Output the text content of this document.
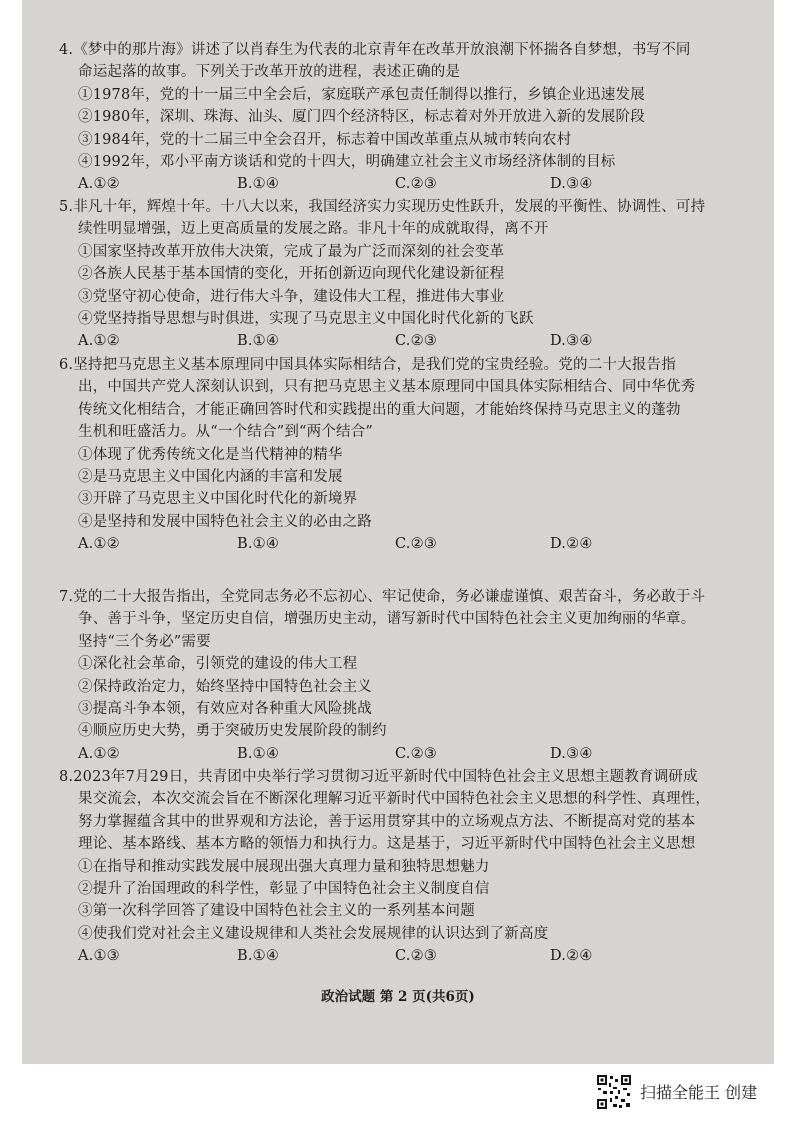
4.《梦中的那片海》讲述了以肖春生为代表的北京青年在改革开放浪潮下怀揣各自梦想，书写不同
命运起落的故事。下列关于改革开放的进程，表述正确的是
①1978年，党的十一届三中全会后，家庭联产承包责任制得以推行，乡镇企业迅速发展
②1980年，深圳、珠海、汕头、厦门四个经济特区，标志着对外开放进入新的发展阶段
③1984年，党的十二届三中全会召开，标志着中国改革重点从城市转向农村
④1992年，邓小平南方谈话和党的十四大，明确建立社会主义市场经济体制的目标
A.①②	B.①④	C.②③	D.③④
5.非凡十年，辉煌十年。十八大以来，我国经济实力实现历史性跃升，发展的平衡性、协调性、可持
续性明显增强，迈上更高质量的发展之路。非凡十年的成就取得，离不开
①国家坚持改革开放伟大决策，完成了最为广泛而深刻的社会变革
②各族人民基于基本国情的变化，开拓创新迈向现代化建设新征程
③党坚守初心使命，进行伟大斗争，建设伟大工程，推进伟大事业
④党坚持指导思想与时俱进，实现了马克思主义中国化时代化新的飞跃
A.①②	B.①④	C.②③	D.③④
6.坚持把马克思主义基本原理同中国具体实际相结合，是我们党的宝贵经验。党的二十大报告指
出，中国共产党人深刻认识到，只有把马克思主义基本原理同中国具体实际相结合、同中华优秀
传统文化相结合，才能正确回答时代和实践提出的重大问题，才能始终保持马克思主义的蓬勃
生机和旺盛活力。从“一个结合”到“两个结合”
①体现了优秀传统文化是当代精神的精华
②是马克思主义中国化内涵的丰富和发展
③开辟了马克思主义中国化时代化的新境界
④是坚持和发展中国特色社会主义的必由之路
A.①②	B.①④	C.②③	D.②④
7.党的二十大报告指出，全党同志务必不忘初心、牢记使命，务必谦虚谨慎、艰苦奋斗，务必敢于斗
争、善于斗争，坚定历史自信，增强历史主动，谱写新时代中国特色社会主义更加绚丽的华章。
坚持“三个务必”需要
①深化社会革命，引领党的建设的伟大工程
②保持政治定力，始终坚持中国特色社会主义
③提高斗争本领，有效应对各种重大风险挑战
④顺应历史大势，勇于突破历史发展阶段的制约
A.①②	B.①④	C.②③	D.③④
8.2023年7月29日，共青团中央举行学习贯彻习近平新时代中国特色社会主义思想主题教育调研成
果交流会，本次交流会旨在不断深化理解习近平新时代中国特色社会主义思想的科学性、真理性，
努力掌握蕴含其中的世界观和方法论，善于运用贯穿其中的立场观点方法、不断提高对党的基本
理论、基本路线、基本方略的领悟力和执行力。这是基于，习近平新时代中国特色社会主义思想
①在指导和推动实践发展中展现出强大真理力量和独特思想魅力
②提升了治国理政的科学性，彰显了中国特色社会主义制度自信
③第一次科学回答了建设中国特色社会主义的一系列基本问题
④使我们党对社会主义建设规律和人类社会发展规律的认识达到了新高度
A.①③	B.①④	C.②③	D.②④
政治试题 第 2 页(共6页)
扫描全能王 创建
